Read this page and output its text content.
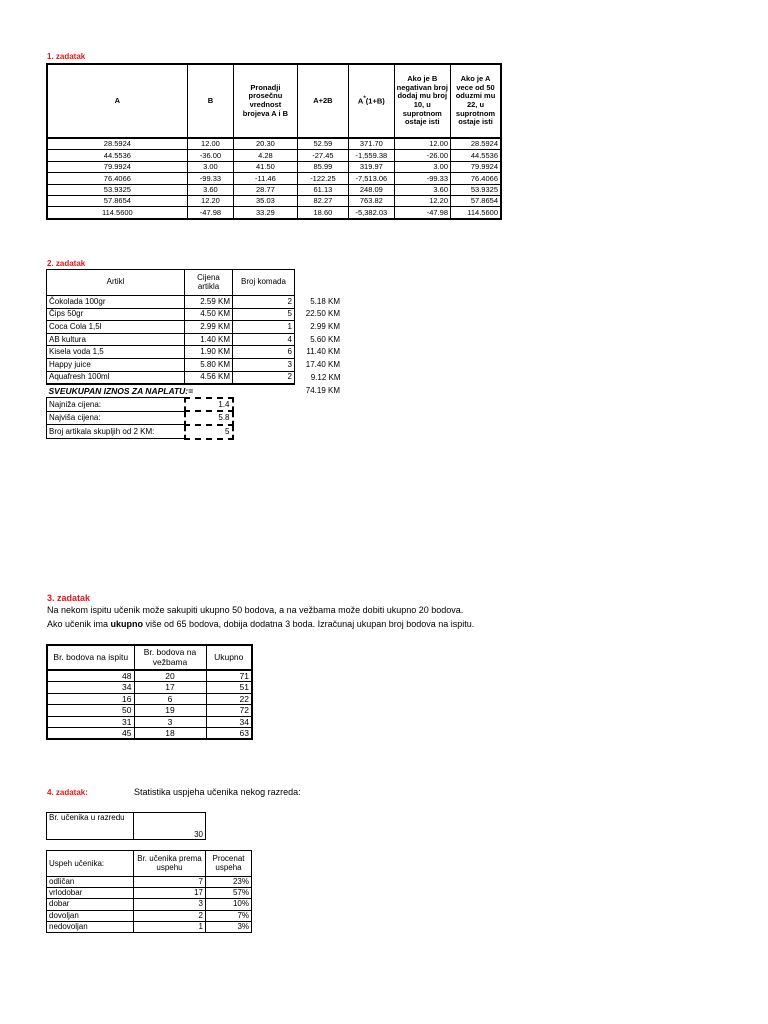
1. zadatak
A	B	Pronadji prosečnu vrednost brojeva A i B	A+2B	A*(1+B)	Ako je B negativan broj dodaj mu broj 10, u suprotnom ostaje isti	Ako je A vece od 50 oduzmi mu 22, u suprotnom ostaje isti
28.5924	12.00	20.30	52.59	371.70	12.00	28.5924
44.5536	-36.00	4.28	-27.45	-1,559.38	-26.00	44.5536
79.9924	3.00	41.50	85.99	319.97	3.00	79.9924
76.4066	-99.33	-11.46	-122.25	-7,513.06	-99.33	76.4066
53.9325	3.60	28.77	61.13	248.09	3.60	53.9325
57.8654	12.20	35.03	82.27	763.82	12.20	57.8654
114.5600	-47.98	33.29	18.60	-5,382.03	-47.98	114.5600
2. zadatak
Artikl	Cijena artikla	Broj komada	
Čokolada 100gr	2.59 KM	2	5.18 KM
Čips 50gr	4.50 KM	5	22.50 KM
Coca Cola 1,5l	2.99 KM	1	2.99 KM
AB kultura	1.40 KM	4	5.60 KM
Kisela voda 1,5	1.90 KM	6	11.40 KM
Happy juice	5.80 KM	3	17.40 KM
Aquafresh 100ml	4.56 KM	2	9.12 KM
SVEUKUPAN IZNOS ZA NAPLATU:=			74.19 KM
Najniža cijena:	1.4		
Najviša cijena:	5.8		
Broj artikala skupljih od 2 KM:	5		
3. zadatak
Na nekom ispitu učenik može sakupiti ukupno 50 bodova, a na vežbama može dobiti ukupno 20 bodova.
Ako učenik ima ukupno više od 65 bodova, dobija dodatna 3 boda. Izračunaj ukupan broj bodova na ispitu.
Br. bodova na ispitu	Br. bodova na vežbama	Ukupno
48	20	71
34	17	51
16	6	22
50	19	72
31	3	34
45	18	63
4. zadatak:	Statistika uspjeha učenika nekog razreda:
Br. učenika u razredu	30
Uspeh učenika:	Br. učenika prema uspehu	Procenat uspeha
odličan	7	23%
vrlodobar	17	57%
dobar	3	10%
dovoljan	2	7%
nedovoljan	1	3%
